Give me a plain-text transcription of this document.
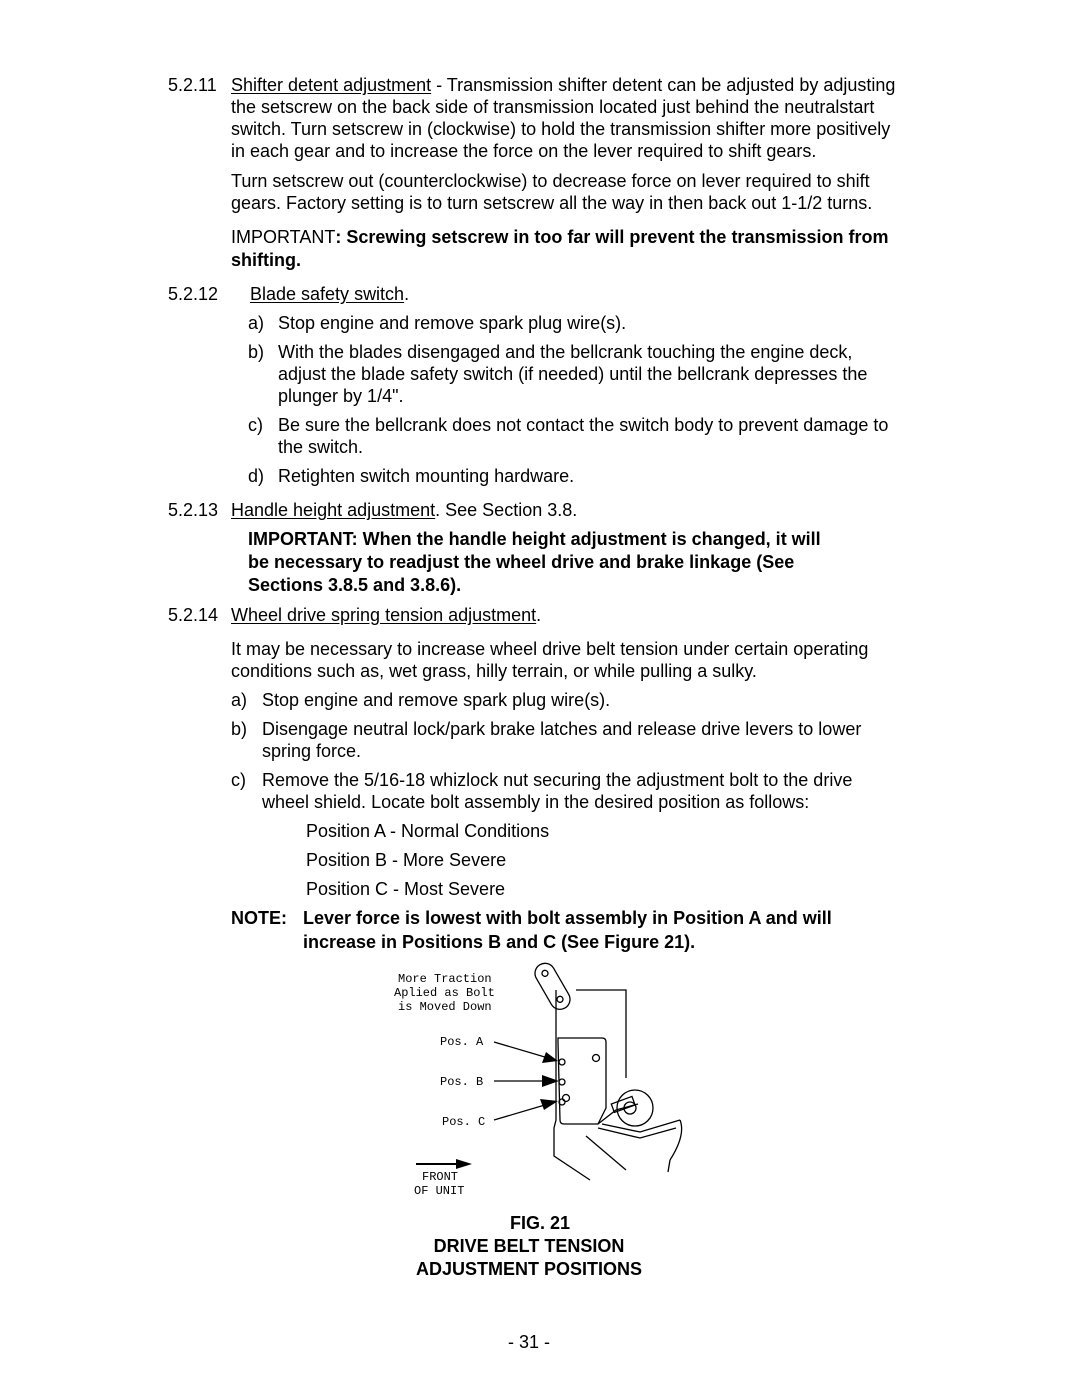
5.2.11 Shifter detent adjustment - Transmission shifter detent can be adjusted by adjusting
the setscrew on the back side of transmission located just behind the neutralstart
switch. Turn setscrew in (clockwise) to hold the transmission shifter more positively
in each gear and to increase the force on the lever required to shift gears.
Turn setscrew out (counterclockwise) to decrease force on lever required to shift
gears. Factory setting is to turn setscrew all the way in then back out 1-1/2 turns.
IMPORTANT: Screwing setscrew in too far will prevent the transmission from
shifting.
5.2.12 Blade safety switch.
a) Stop engine and remove spark plug wire(s).
b) With the blades disengaged and the bellcrank touching the engine deck,
adjust the blade safety switch (if needed) until the bellcrank depresses the
plunger by 1/4".
c) Be sure the bellcrank does not contact the switch body to prevent damage to
the switch.
d) Retighten switch mounting hardware.
5.2.13 Handle height adjustment. See Section 3.8.
IMPORTANT: When the handle height adjustment is changed, it will
be necessary to readjust the wheel drive and brake linkage (See
Sections 3.8.5 and 3.8.6).
5.2.14 Wheel drive spring tension adjustment.
It may be necessary to increase wheel drive belt tension under certain operating
conditions such as, wet grass, hilly terrain, or while pulling a sulky.
a) Stop engine and remove spark plug wire(s).
b) Disengage neutral lock/park brake latches and release drive levers to lower
spring force.
c) Remove the 5/16-18 whizlock nut securing the adjustment bolt to the drive
wheel shield. Locate bolt assembly in the desired position as follows:
Position A - Normal Conditions
Position B - More Severe
Position C - Most Severe
NOTE: Lever force is lowest with bolt assembly in Position A and will
increase in Positions B and C (See Figure 21).
More Traction
Aplied as Bolt
is Moved Down
Pos. A
Pos. B
Pos. C
FRONT
OF UNIT
FIG. 21
DRIVE BELT TENSION
ADJUSTMENT POSITIONS
- 31 -
